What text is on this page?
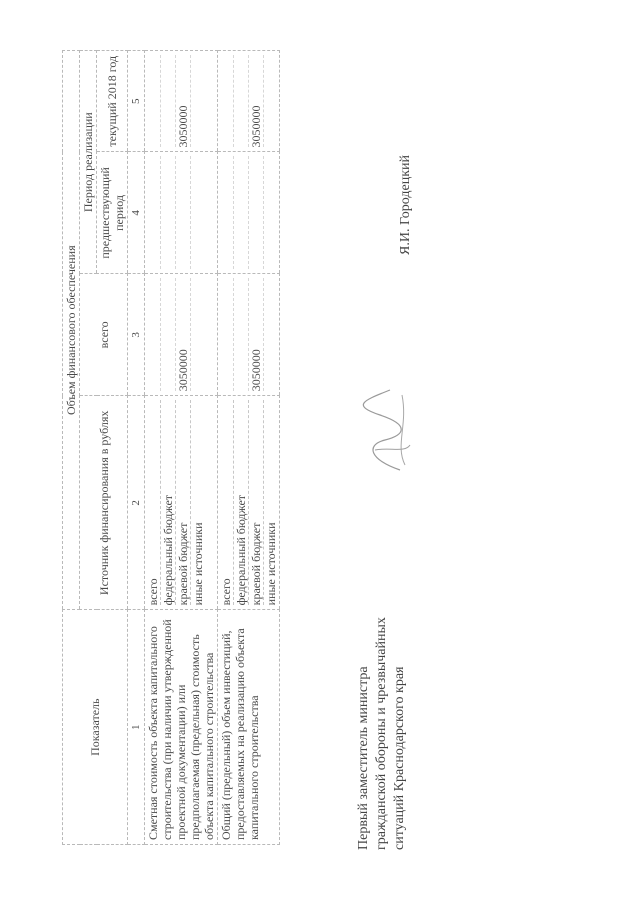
Показатель	Объем финансового обеспечения			
	Источник финансирования в рублях	всего	Период реализации	
			предшествующий период	текущий 2018 год
1	2	3	4	5
Сметная стоимость объекта капитального строительства (при наличии утвержденной проектной документации) или предполагаемая (предельная) стоимость объекта капитального строительства	всего федеральный бюджет краевой бюджет иные источники	3050000		3050000

Общий (предельный) объем инвестиций, предоставляемых на реализацию объекта капитального строительства	всего федеральный бюджет краевой бюджет иные источники	3050000		3050000
Первый заместитель министра гражданской обороны и чрезвычайных ситуаций Краснодарского края
Я.И. Городецкий
